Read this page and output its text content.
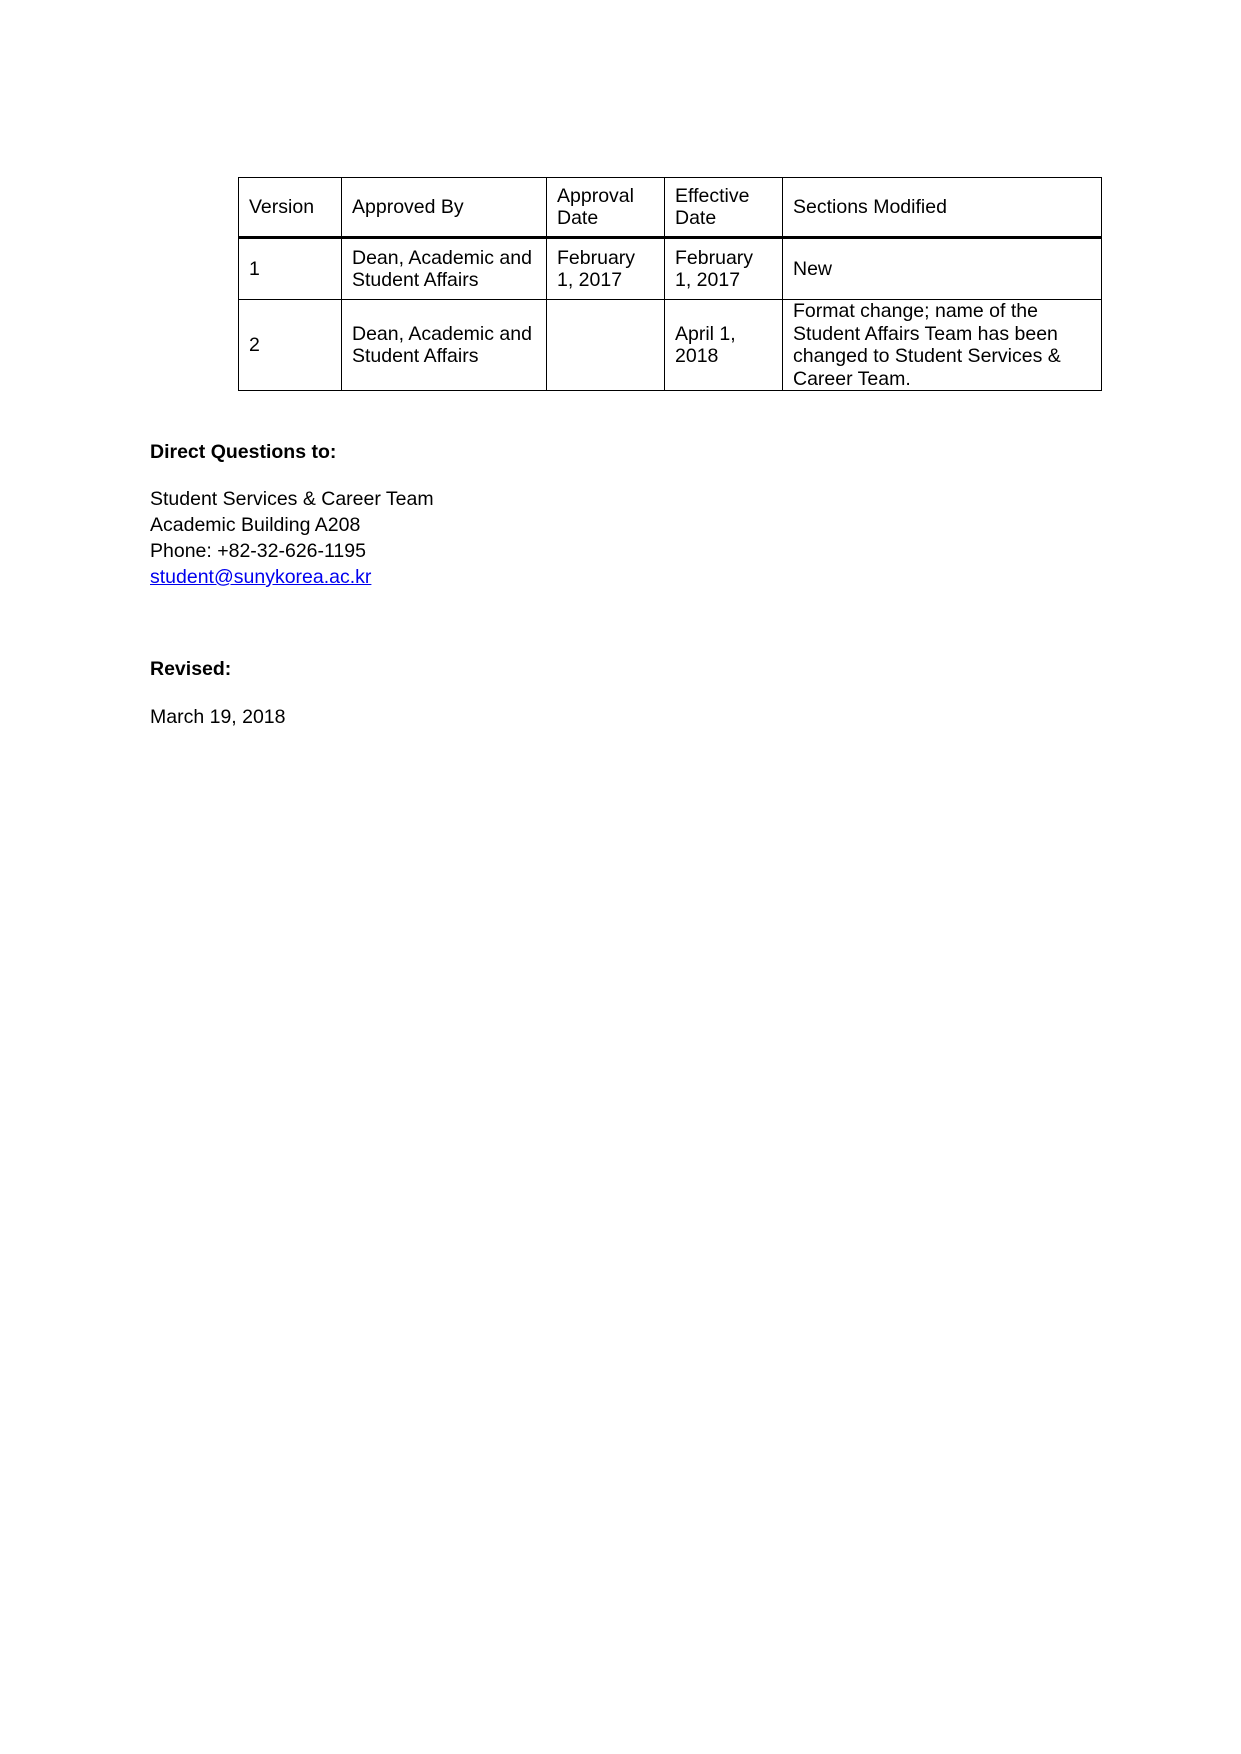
Version	Approved By	Approval Date	Effective Date	Sections Modified
1	Dean, Academic and Student Affairs	February 1, 2017	February 1, 2017	New
2	Dean, Academic and Student Affairs		April 1, 2018	Format change; name of the Student Affairs Team has been changed to Student Services & Career Team.

Direct Questions to:

Student Services & Career Team
Academic Building A208
Phone: +82-32-626-1195
student@sunykorea.ac.kr

Revised:

March 19, 2018
